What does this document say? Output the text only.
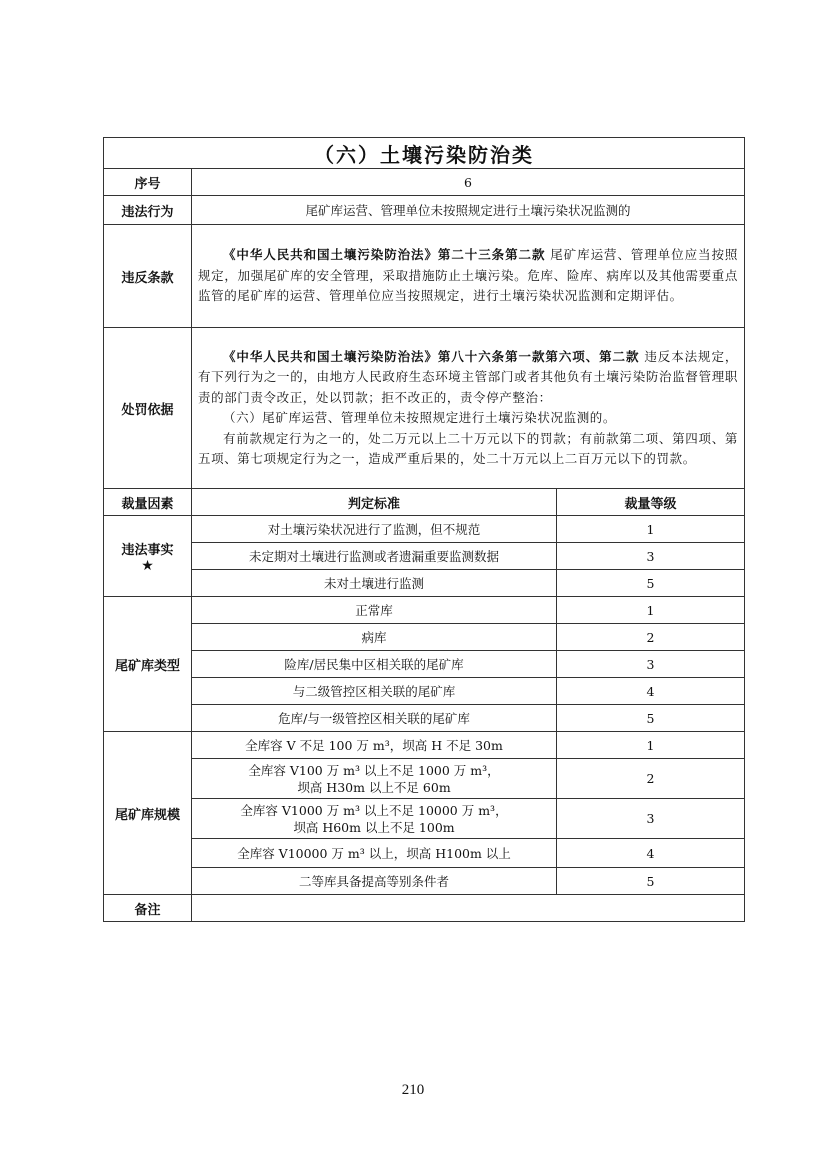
（六）土壤污染防治类		
序号	6	
违法行为	尾矿库运营、管理单位未按照规定进行土壤污染状况监测的	
违反条款	《中华人民共和国土壤污染防治法》第二十三条第二款 尾矿库运营、管理单位应当按照规定，加强尾矿库的安全管理，采取措施防止土壤污染。危库、险库、病库以及其他需要重点监管的尾矿库的运营、管理单位应当按照规定，进行土壤污染状况监测和定期评估。	

处罚依据	《中华人民共和国土壤污染防治法》第八十六条第一款第六项、第二款 违反本法规定，有下列行为之一的，由地方人民政府生态环境主管部门或者其他负有土壤污染防治监督管理职责的部门责令改正，处以罚款；拒不改正的，责令停产整治：

（六）尾矿库运营、管理单位未按照规定进行土壤污染状况监测的。

有前款规定行为之一的，处二万元以上二十万元以下的罚款；有前款第二项、第四项、第五项、第七项规定行为之一，造成严重后果的，处二十万元以上二百万元以下的罚款。	

裁量因素	判定标准	裁量等级

违法事实
★	对土壤污染状况进行了监测，但不规范	1
	未定期对土壤进行监测或者遗漏重要监测数据	3
	未对土壤进行监测	5
尾矿库类型	正常库	1
	病库	2
	险库/居民集中区相关联的尾矿库	3
	与二级管控区相关联的尾矿库	4
	危库/与一级管控区相关联的尾矿库	5
尾矿库规模	全库容 V 不足 100 万 m³，坝高 H 不足 30m	1

	全库容 V100 万 m³ 以上不足 1000 万 m³，
坝高 H30m 以上不足 60m	2

	全库容 V1000 万 m³ 以上不足 10000 万 m³，
坝高 H60m 以上不足 100m	3
	全库容 V10000 万 m³ 以上，坝高 H100m 以上	4
	二等库具备提高等别条件者	5
备注		
210
